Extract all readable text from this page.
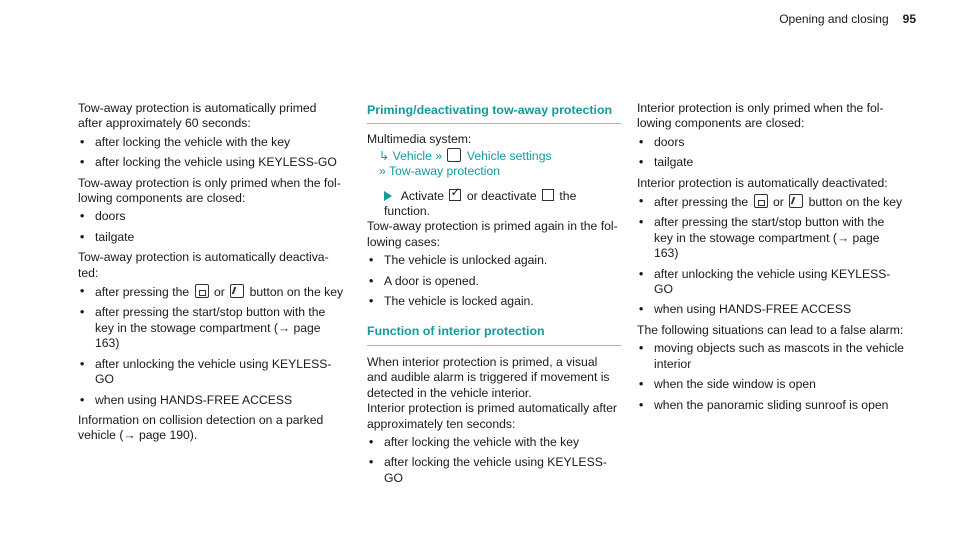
Opening and closing 95

Tow-away protection is automatically primed after approximately 60 seconds:

• after locking the vehicle with the key
• after locking the vehicle using KEYLESS-GO

Tow-away protection is only primed when the following components are closed:

• doors
• tailgate

Tow-away protection is automatically deactivated:

• after pressing the or button on the key
• after pressing the start/stop button with the key in the stowage compartment (→ page 163)
• after unlocking the vehicle using KEYLESS-GO
• when using HANDS-FREE ACCESS

Information on collision detection on a parked vehicle (→ page 190).

Priming/deactivating tow-away protection

Multimedia system:

↳ Vehicle »  Vehicle settings

» Tow-away protection

Activate ✓ or deactivate the function.

Tow-away protection is primed again in the following cases:

• The vehicle is unlocked again.
• A door is opened.
• The vehicle is locked again.
Function of interior protection

When interior protection is primed, a visual and audible alarm is triggered if movement is detected in the vehicle interior.

Interior protection is primed automatically after approximately ten seconds:

• after locking the vehicle with the key
• after locking the vehicle using KEYLESS-GO

Interior protection is only primed when the following components are closed:

• doors
• tailgate

Interior protection is automatically deactivated:

• after pressing the or button on the key
• after pressing the start/stop button with the key in the stowage compartment (→ page 163)
• after unlocking the vehicle using KEYLESS-GO
• when using HANDS-FREE ACCESS

The following situations can lead to a false alarm:

• moving objects such as mascots in the vehicle interior
• when the side window is open
• when the panoramic sliding sunroof is open
